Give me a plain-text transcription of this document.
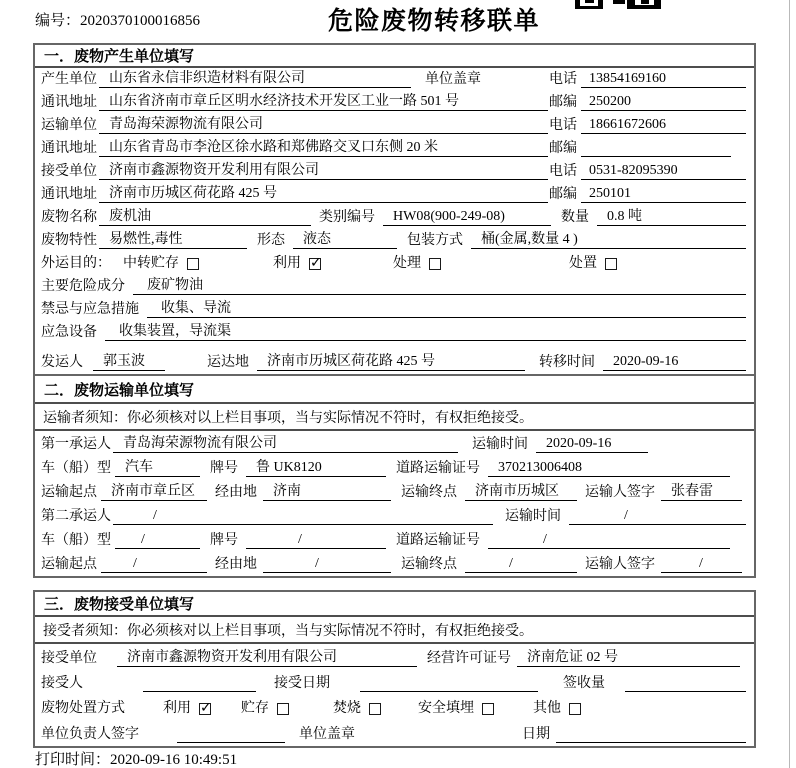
编号：2020370100016856	危险废物转移联单
一．废物产生单位填写
产生单位 山东省永信非织造材料有限公司	单位盖章	电话 13854169160
通讯地址 山东省济南市章丘区明水经济技术开发区工业一路 501 号	邮编 250200
运输单位 青岛海荣源物流有限公司	电话 18661672606
通讯地址 山东省青岛市李沧区徐水路和郑佛路交叉口东侧 20 米	邮编
接受单位 济南市鑫源物资开发利用有限公司	电话 0531-82095390
通讯地址 济南市历城区荷花路 425 号	邮编 250101
废物名称 废机油	类别编号	HW08(900-249-08)	数量	0.8 吨
废物特性 易燃性,毒性	形态	液态	包装方式	桶(金属,数量 4 )
外运目的： 中转贮存	利用 ✓	处理	处置
主要危险成分	废矿物油
禁忌与应急措施	收集、导流
应急设备	收集装置，导流渠
发运人	郭玉波	运达地	济南市历城区荷花路 425 号	转移时间	2020-09-16
二．废物运输单位填写
运输者须知：你必须核对以上栏目事项，当与实际情况不符时，有权拒绝接受。
第一承运人 青岛海荣源物流有限公司	运输时间	2020-09-16
车（船）型	汽车	牌号	鲁 UK8120	道路运输证号	370213006408
运输起点	济南市章丘区	经由地	济南	运输终点	济南市历城区	运输人签字	张春雷
第二承运人	/	运输时间	/
车（船）型	/	牌号	/	道路运输证号	/
运输起点	/	经由地	/	运输终点	/	运输人签字	/
三．废物接受单位填写
接受者须知：你必须核对以上栏目事项，当与实际情况不符时，有权拒绝接受。
接受单位	济南市鑫源物资开发利用有限公司	经营许可证号	济南危证 02 号
接受人	接受日期	签收量
废物处置方式	利用 ✓	贮存	焚烧	安全填埋	其他
单位负责人签字	单位盖章	日期
打印时间：2020-09-16 10:49:51
